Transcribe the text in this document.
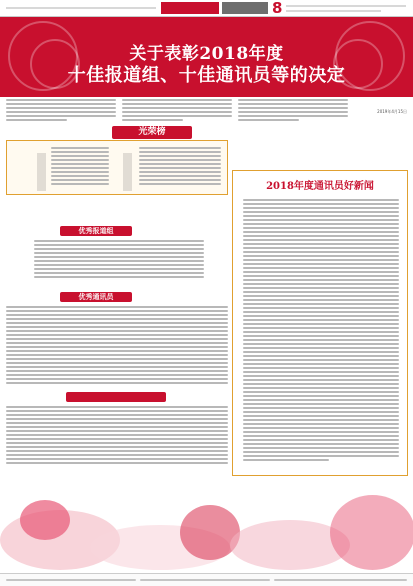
8
关于表彰2018年度
十佳报道组、十佳通讯员等的决定
2019年4月15日
光荣榜
优秀报道组
优秀通讯员
2018年度通讯员好新闻
